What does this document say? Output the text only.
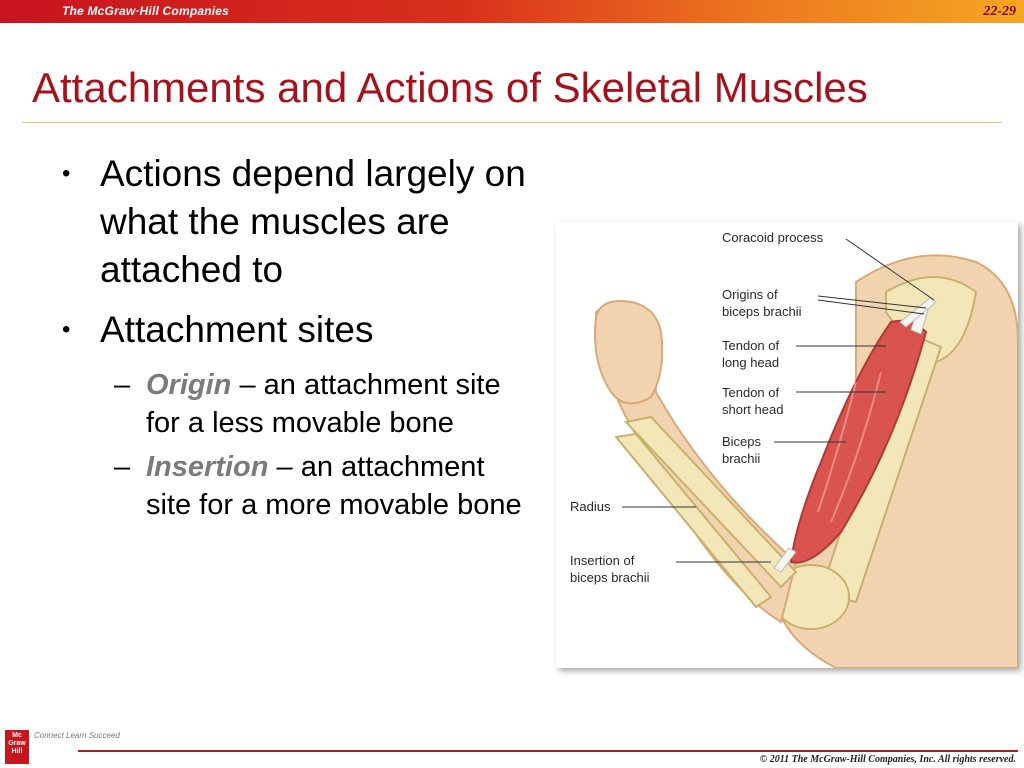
The McGraw·Hill Companies	22-29
Attachments and Actions of Skeletal Muscles
• Actions depend largely on what the muscles are attached to
• Attachment sites
– Origin – an attachment site for a less movable bone
– Insertion – an attachment site for a more movable bone
Coracoid process
Origins of
biceps brachii
Tendon of
long head
Tendon of
short head
Biceps
brachii
Radius
Insertion of
biceps brachii
Mc Graw Hill
Connect Learn Succeed
© 2011 The McGraw-Hill Companies, Inc. All rights reserved.
